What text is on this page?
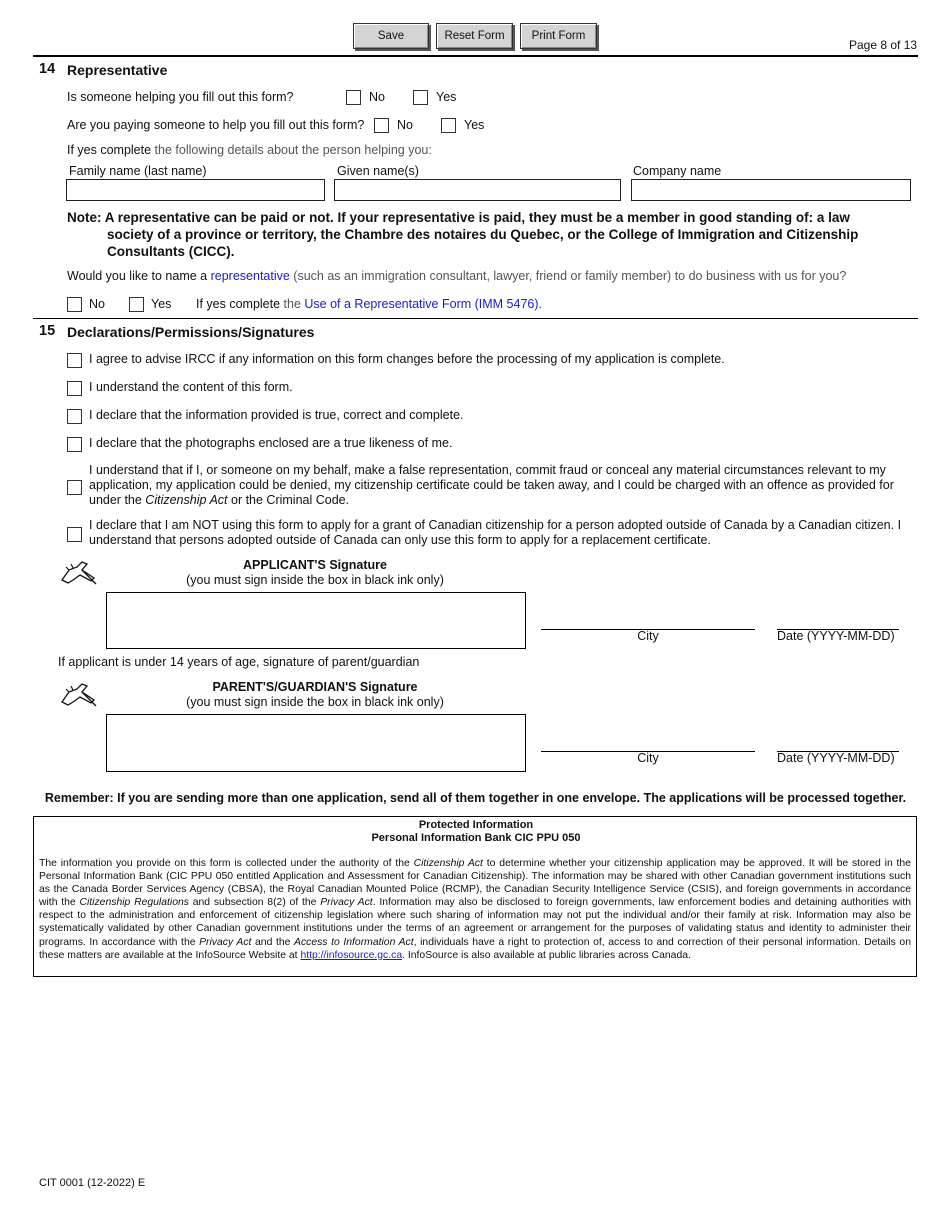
Save	Reset Form	Print Form
Page 8 of 13
14 Representative
Is someone helping you fill out this form?	No	Yes
Are you paying someone to help you fill out this form?	No	Yes
If yes complete the following details about the person helping you:
Family name (last name)	Given name(s)	Company name
Note: A representative can be paid or not. If your representative is paid, they must be a member in good standing of: a law
society of a province or territory, the Chambre des notaires du Quebec, or the College of Immigration and Citizenship
Consultants (CICC).
Would you like to name a representative (such as an immigration consultant, lawyer, friend or family member) to do business with us for you?
No	Yes If yes complete the Use of a Representative Form (IMM 5476).
15 Declarations/Permissions/Signatures
I agree to advise IRCC if any information on this form changes before the processing of my application is complete.
I understand the content of this form.
I declare that the information provided is true, correct and complete.
I declare that the photographs enclosed are a true likeness of me.
I understand that if I, or someone on my behalf, make a false representation, commit fraud or conceal any material circumstances relevant to my application, my application could be denied, my citizenship certificate could be taken away, and I could be charged with an offence as provided for under the Citizenship Act or the Criminal Code.
I declare that I am NOT using this form to apply for a grant of Canadian citizenship for a person adopted outside of Canada by a Canadian citizen. I understand that persons adopted outside of Canada can only use this form to apply for a replacement certificate.
APPLICANT'S Signature
(you must sign inside the box in black ink only)
City	Date (YYYY-MM-DD)
If applicant is under 14 years of age, signature of parent/guardian
PARENT'S/GUARDIAN'S Signature
(you must sign inside the box in black ink only)
City	Date (YYYY-MM-DD)
Remember: If you are sending more than one application, send all of them together in one envelope. The applications will be processed together.
Protected Information
Personal Information Bank CIC PPU 050
The information you provide on this form is collected under the authority of the Citizenship Act to determine whether your citizenship application may be approved. It will be stored in the Personal Information Bank (CIC PPU 050 entitled Application and Assessment for Canadian Citizenship). The information may be shared with other Canadian government institutions such as the Canada Border Services Agency (CBSA), the Royal Canadian Mounted Police (RCMP), the Canadian Security Intelligence Service (CSIS), and foreign governments in accordance with the Citizenship Regulations and subsection 8(2) of the Privacy Act. Information may also be disclosed to foreign governments, law enforcement bodies and detaining authorities with respect to the administration and enforcement of citizenship legislation where such sharing of information may not put the individual and/or their family at risk. Information may also be systematically validated by other Canadian government institutions under the terms of an agreement or arrangement for the purposes of validating status and identity to administer their programs. In accordance with the Privacy Act and the Access to Information Act, individuals have a right to protection of, access to and correction of their personal information. Details on these matters are available at the InfoSource Website at http://infosource.gc.ca. InfoSource is also available at public libraries across Canada.
CIT 0001 (12-2022) E
